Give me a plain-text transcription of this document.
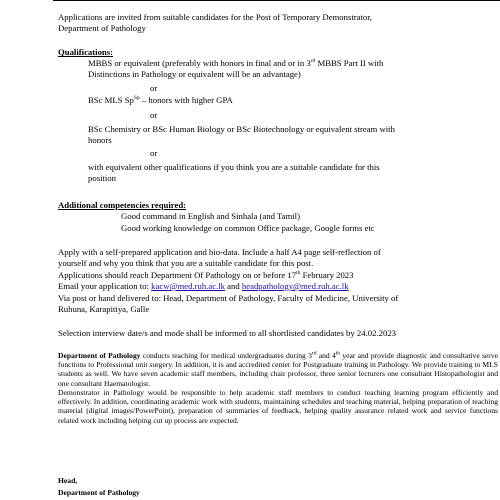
Applications are invited from suitable candidates for the Post of Temporary Demonstrator,

Department of Pathology

Qualifications:

MBBS or equivalent (preferably with honors in final and or in 3rd MBBS Part II with

Distinctions in Pathology or equivalent will be an advantage)

or

BSc MLS $Sp^{Sp}$ – honors with higher GPA

or

BSc Chemistry or BSc Human Biology or BSc Biotechnology or equivalent stream with

honors

or

with equivalent other qualifications if you think you are a suitable candidate for this

position

Additional competencies required:

Good command in English and Sinhala (and Tamil)

Good working knowledge on common Office package, Google forms etc

Apply with a self-prepared application and bio-data. Include a half A4 page self-reflection of

yourself and why you think that you are a suitable candidate for this post.

Applications should reach Department Of Pathology on or before 17th February 2023

Email your application to: kacw@med.ruh.ac.lk and headpathology@med.ruh.ac.lk

Via post or hand delivered to: Head, Department of Pathology, Faculty of Medicine, University of

Ruhuna, Karapitiya, Galle

Selection interview date/s and mode shall be informed to all shortlisted candidates by 24.02.2023

Department of Pathology conducts teaching for medical undergraduates during 3rd and 4th year and provide diagnostic and consultative serve functions to Professional unit surgery. In addition, it is and accredited center for Postgraduate training in Pathology. We provide training to MLS students as well. We have seven academic staff members, including chair professor, three senior lecturers one consultant Histopathologist and one consultant Haematologist.

Demonstrator in Pathology would be responsible to help academic staff members to conduct teaching learning program efficiently and effectively. In addition, coordinating academic work with students, maintaining schedules and teaching material, helping preparation of teaching material (digital images/PowerPoint), preparation of summaries of feedback, helping quality assurance related work and service functions related work including helping cut up process are expected.

Head,

Department of Pathology
